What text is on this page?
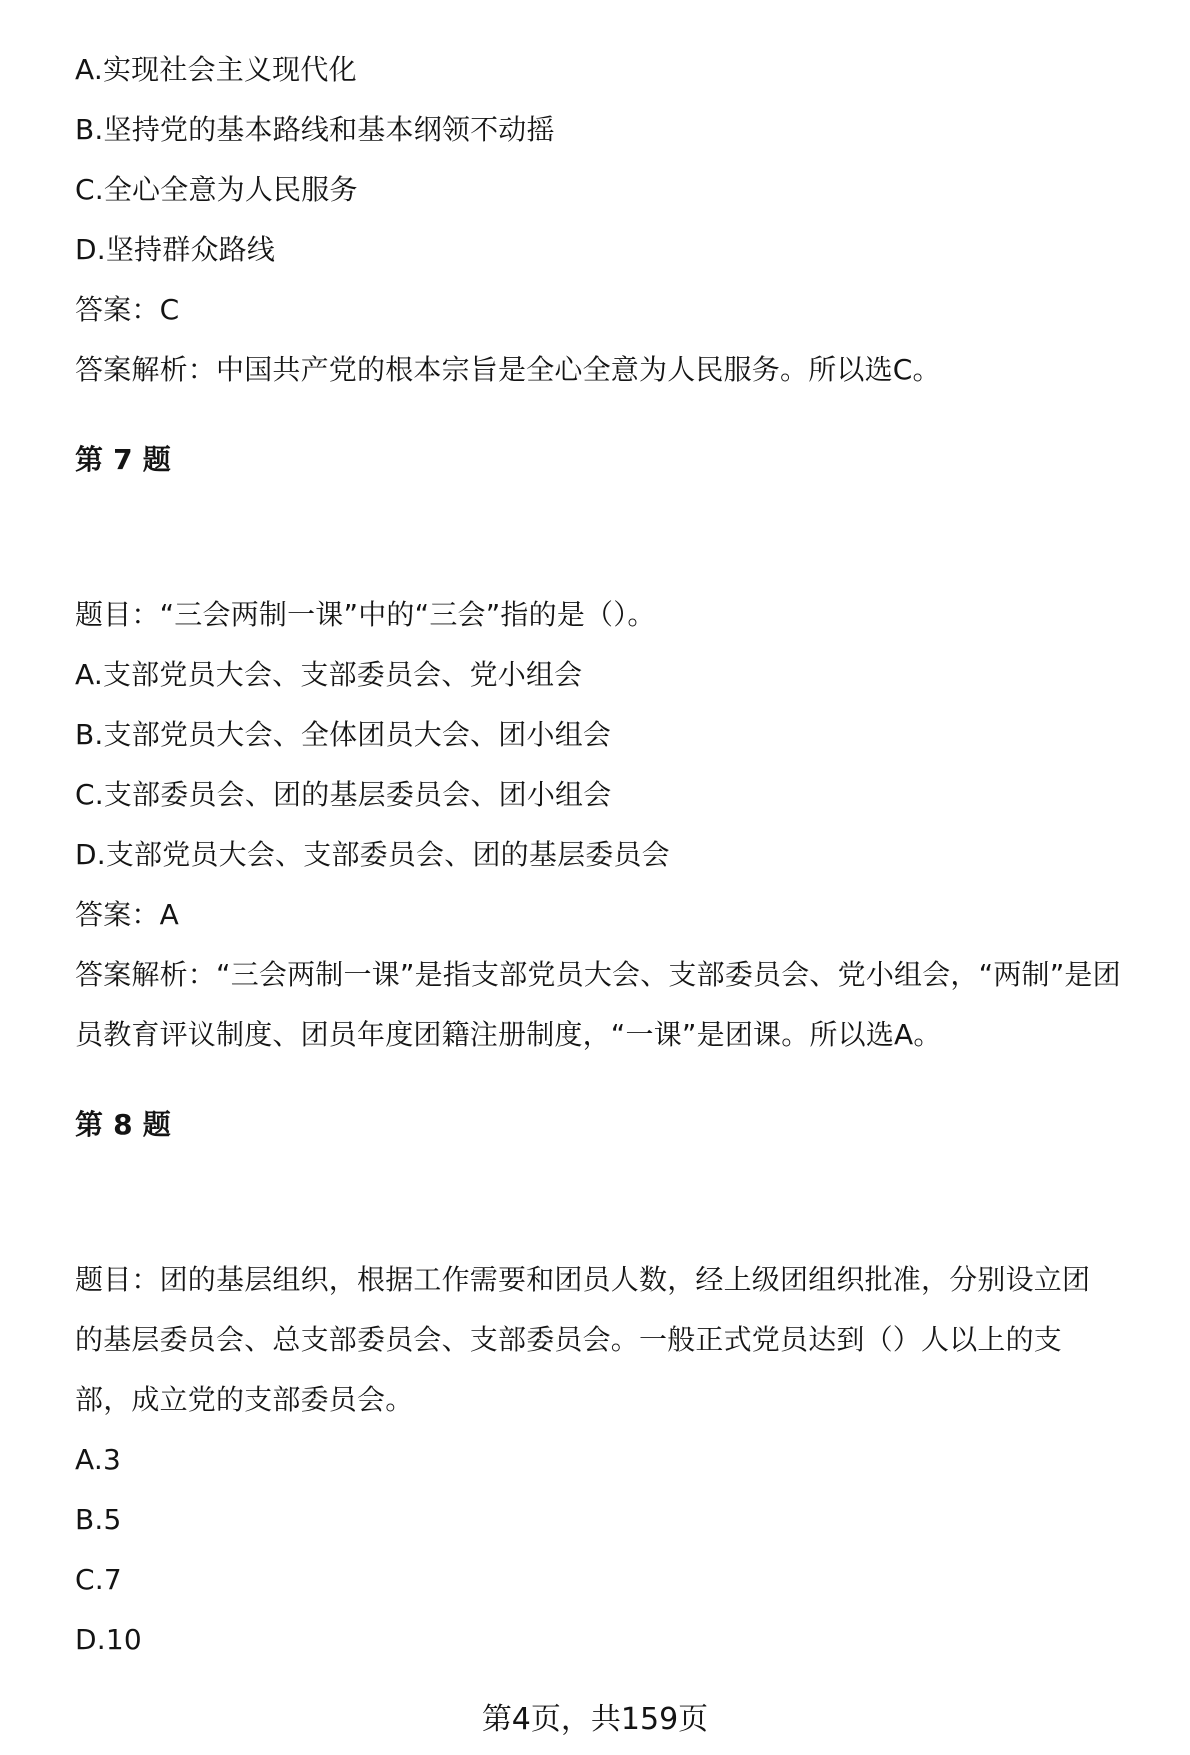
A.实现社会主义现代化
B.坚持党的基本路线和基本纲领不动摇
C.全心全意为人民服务
D.坚持群众路线
答案：C
答案解析：中国共产党的根本宗旨是全心全意为人民服务。所以选C。
第 7 题
题目：“三会两制一课”中的“三会”指的是（）。
A.支部党员大会、支部委员会、党小组会
B.支部党员大会、全体团员大会、团小组会
C.支部委员会、团的基层委员会、团小组会
D.支部党员大会、支部委员会、团的基层委员会
答案：A
答案解析：“三会两制一课”是指支部党员大会、支部委员会、党小组会，“两制”是团
员教育评议制度、团员年度团籍注册制度，“一课”是团课。所以选A。
第 8 题
题目：团的基层组织，根据工作需要和团员人数，经上级团组织批准，分别设立团
的基层委员会、总支部委员会、支部委员会。一般正式党员达到（）人以上的支
部，成立党的支部委员会。
A.3
B.5
C.7
D.10
第4页，共159页
